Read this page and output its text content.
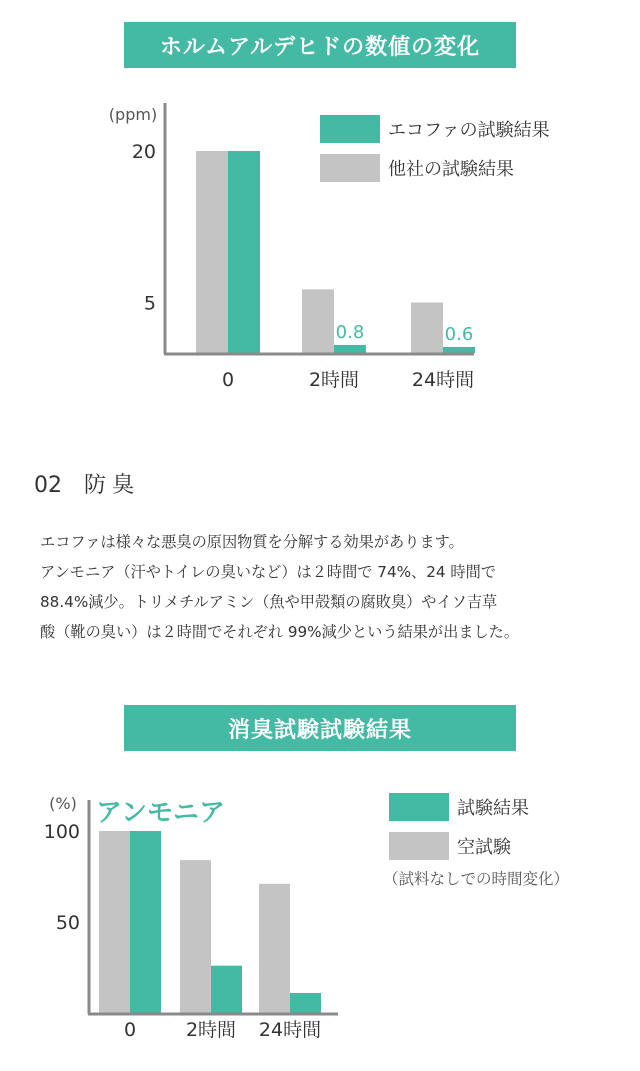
ホルムアルデヒドの数値の変化
(ppm)
20
5
0	2時間	24時間
0.8	0.6
エコファの試験結果
他社の試験結果
02 防臭

エコファは様々な悪臭の原因物質を分解する効果があります。

アンモニア（汗やトイレの臭いなど）は２時間で 74%、24 時間で

88.4%減少。トリメチルアミン（魚や甲殻類の腐敗臭）やイソ吉草

酸（靴の臭い）は２時間でそれぞれ 99%減少という結果が出ました。

消臭試験試験結果
(%) アンモニア
100
50
0	2時間 24時間
試験結果
空試験
（試料なしでの時間変化）
